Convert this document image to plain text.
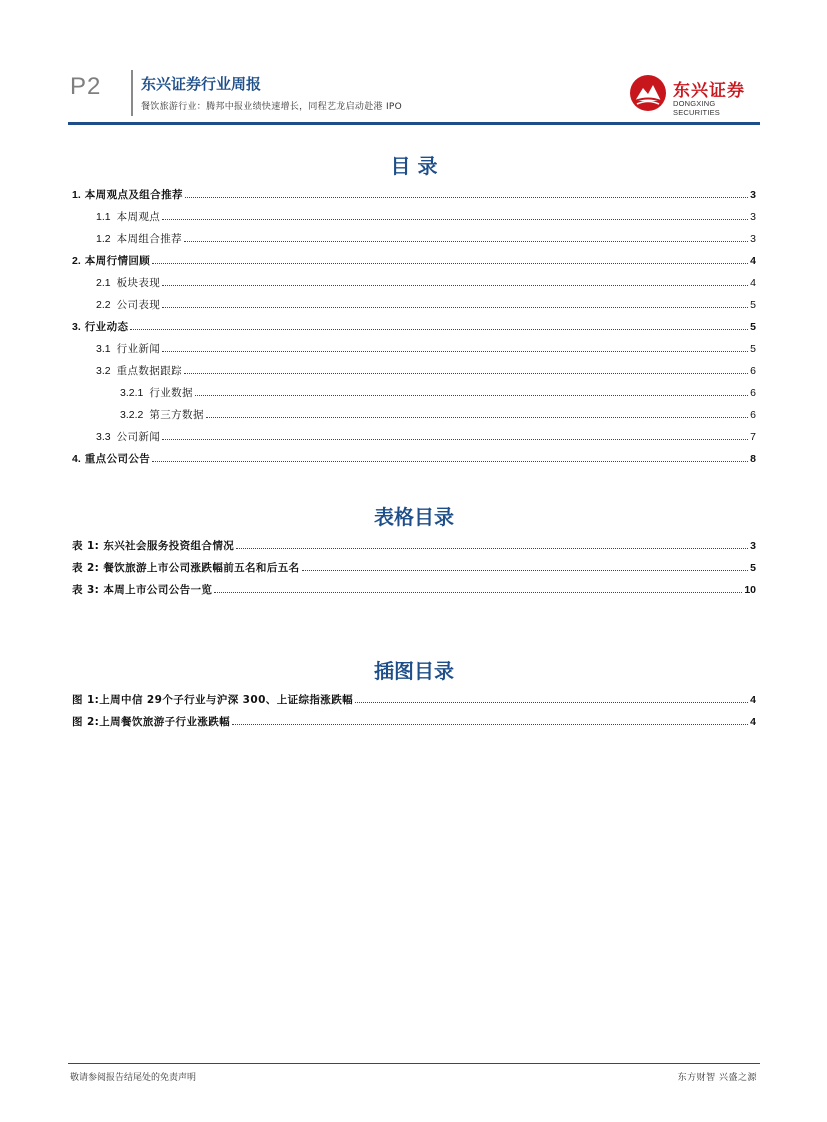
P2	东兴证券行业周报
餐饮旅游行业：腾邦中报业绩快速增长，同程艺龙启动赴港 IPO
东兴证券
DONGXING SECURITIES
目 录
1. 本周观点及组合推荐	3
1.1 本周观点	3
1.2 本周组合推荐	3
2. 本周行情回顾	4
2.1 板块表现	4
2.2 公司表现	5
3. 行业动态	5
3.1 行业新闻	5
3.2 重点数据跟踪	6
3.2.1 行业数据	6
3.2.2 第三方数据	6
3.3 公司新闻	7
4. 重点公司公告	8
表格目录
表 1: 东兴社会服务投资组合情况	3
表 2: 餐饮旅游上市公司涨跌幅前五名和后五名	5
表 3: 本周上市公司公告一览	10
插图目录
图 1:上周中信 29个子行业与沪深 300、上证综指涨跌幅	4
图 2:上周餐饮旅游子行业涨跌幅	4
敬请参阅报告结尾处的免责声明	东方财智 兴盛之源
